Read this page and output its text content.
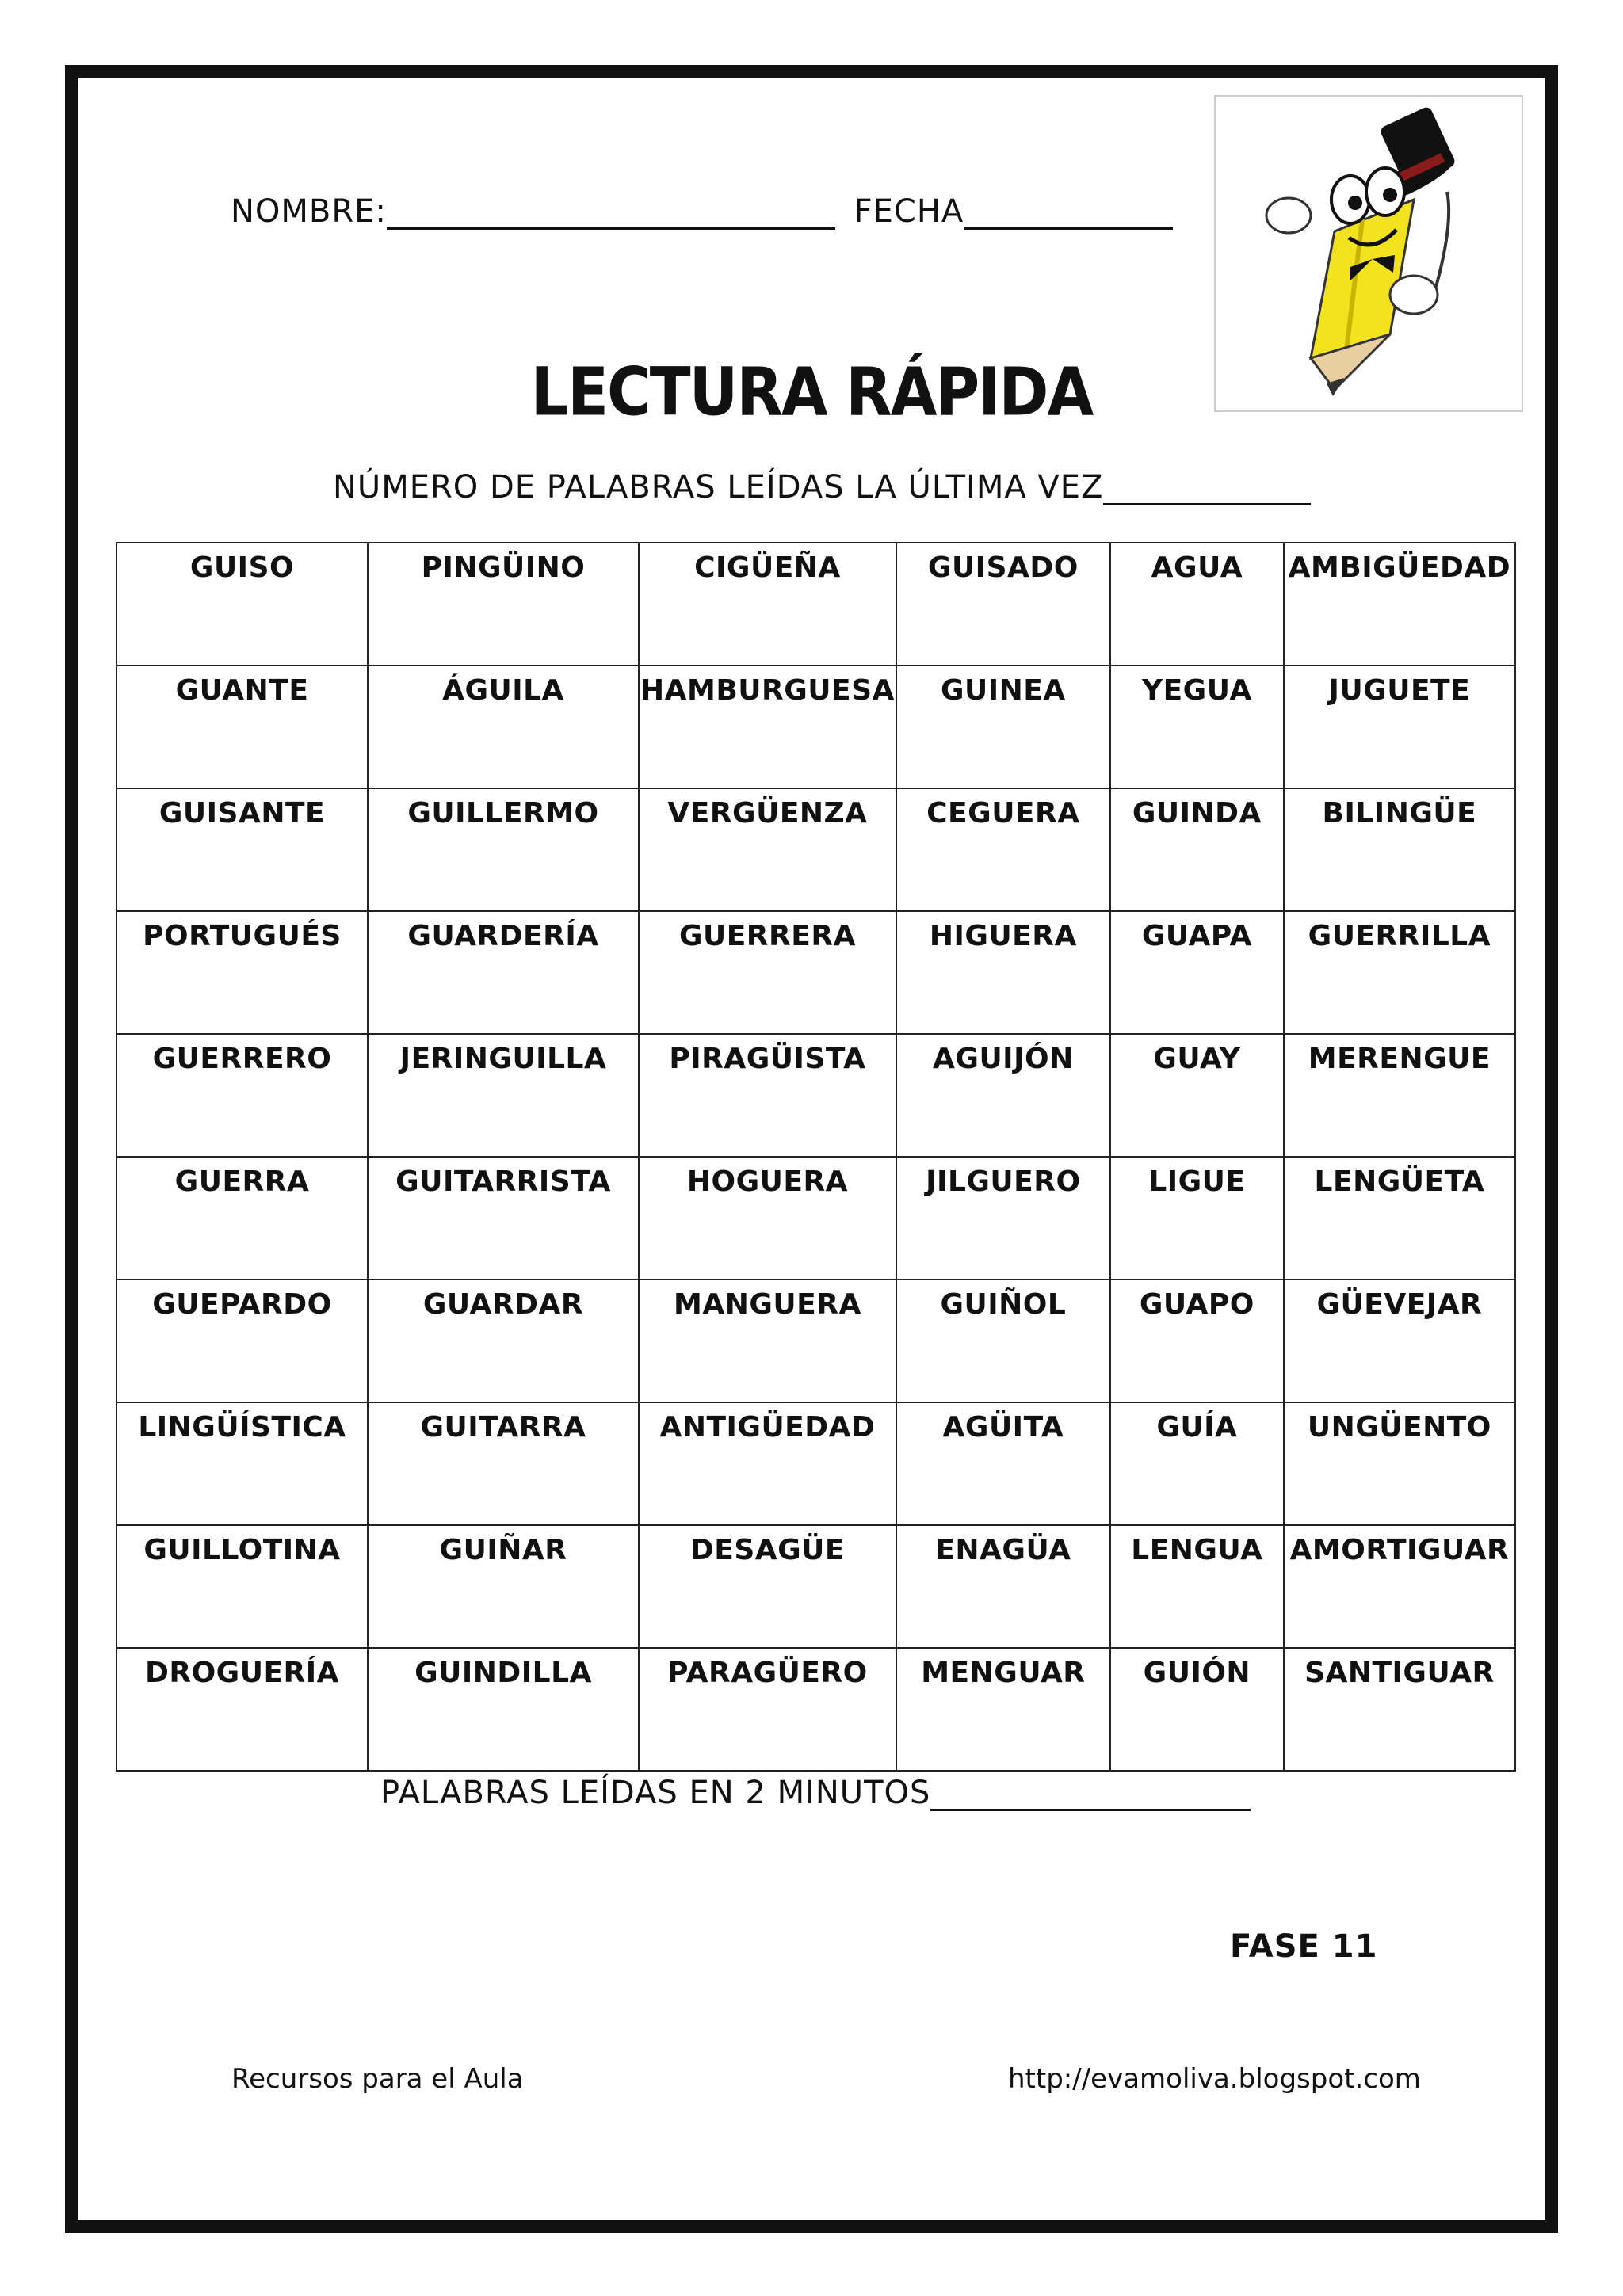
NOMBRE:	FECHA
LECTURA RÁPIDA
NÚMERO DE PALABRAS LEÍDAS LA ÚLTIMA VEZ
GUISO	PINGÜINO	CIGÜEÑA	GUISADO	AGUA	AMBIGÜEDAD
GUANTE	ÁGUILA	HAMBURGUESA	GUINEA	YEGUA	JUGUETE
GUISANTE	GUILLERMO	VERGÜENZA	CEGUERA	GUINDA	BILINGÜE
PORTUGUÉS	GUARDERÍA	GUERRERA	HIGUERA	GUAPA	GUERRILLA
GUERRERO	JERINGUILLA	PIRAGÜISTA	AGUIJÓN	GUAY	MERENGUE
GUERRA	GUITARRISTA	HOGUERA	JILGUERO	LIGUE	LENGÜETA
GUEPARDO	GUARDAR	MANGUERA	GUIÑOL	GUAPO	GÜEVEJAR
LINGÜÍSTICA	GUITARRA	ANTIGÜEDAD	AGÜITA	GUÍA	UNGÜENTO
GUILLOTINA	GUIÑAR	DESAGÜE	ENAGÜA	LENGUA	AMORTIGUAR
DROGUERÍA	GUINDILLA	PARAGÜERO	MENGUAR	GUIÓN	SANTIGUAR
PALABRAS LEÍDAS EN 2 MINUTOS
FASE 11
Recursos para el Aula	http://evamoliva.blogspot.com
